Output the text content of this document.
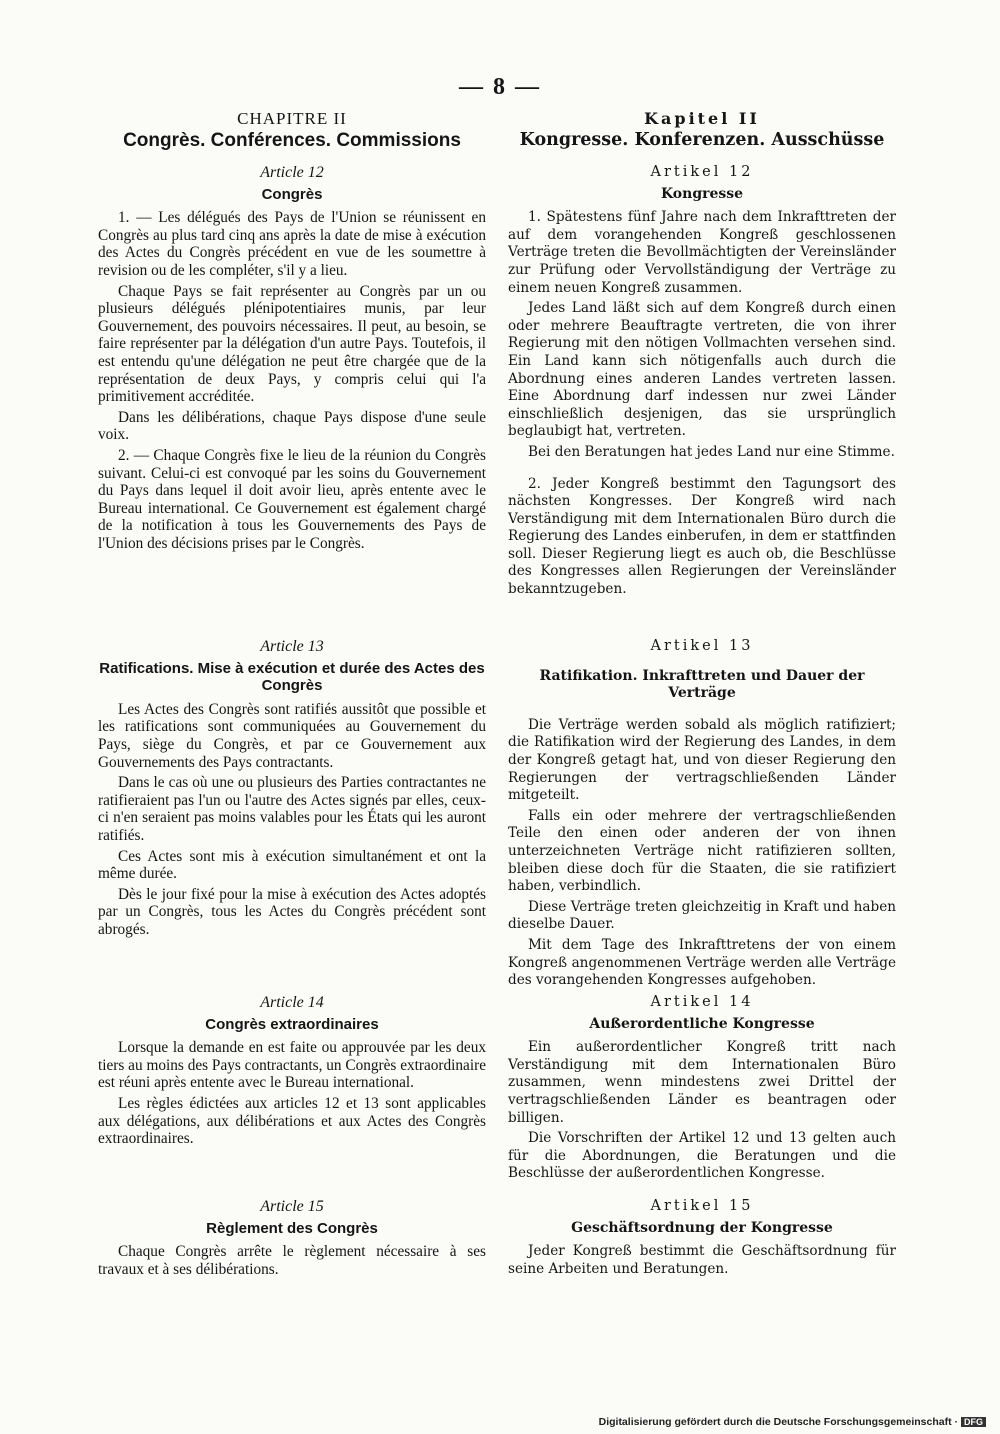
— 8 —
CHAPITRE II
Congrès. Conférences. Commissions
Article 12
Congrès

1. — Les délégués des Pays de l'Union se réunissent en Congrès au plus tard cinq ans après la date de mise à exécution des Actes du Congrès précédent en vue de les soumettre à revision ou de les compléter, s'il y a lieu.

Chaque Pays se fait représenter au Congrès par un ou plusieurs délégués plénipotentiaires munis, par leur Gouvernement, des pouvoirs nécessaires. Il peut, au besoin, se faire représenter par la délégation d'un autre Pays. Toutefois, il est entendu qu'une délégation ne peut être chargée que de la représentation de deux Pays, y compris celui qui l'a primitivement accréditée.

Dans les délibérations, chaque Pays dispose d'une seule voix.

2. — Chaque Congrès fixe le lieu de la réunion du Congrès suivant. Celui-ci est convoqué par les soins du Gouvernement du Pays dans lequel il doit avoir lieu, après entente avec le Bureau international. Ce Gouvernement est également chargé de la notification à tous les Gouvernements des Pays de l'Union des décisions prises par le Congrès.

Article 13
Ratifications. Mise à exécution et durée des Actes des Congrès

Les Actes des Congrès sont ratifiés aussitôt que possible et les ratifications sont communiquées au Gouvernement du Pays, siège du Congrès, et par ce Gouvernement aux Gouvernements des Pays contractants.

Dans le cas où une ou plusieurs des Parties contractantes ne ratifieraient pas l'un ou l'autre des Actes signés par elles, ceux-ci n'en seraient pas moins valables pour les États qui les auront ratifiés.

Ces Actes sont mis à exécution simultanément et ont la même durée.

Dès le jour fixé pour la mise à exécution des Actes adoptés par un Congrès, tous les Actes du Congrès précédent sont abrogés.

Article 14
Congrès extraordinaires

Lorsque la demande en est faite ou approuvée par les deux tiers au moins des Pays contractants, un Congrès extraordinaire est réuni après entente avec le Bureau international.

Les règles édictées aux articles 12 et 13 sont applicables aux délégations, aux délibérations et aux Actes des Congrès extraordinaires.

Article 15
Règlement des Congrès

Chaque Congrès arrête le règlement nécessaire à ses travaux et à ses délibérations.

Kapitel II
Kongresse. Konferenzen. Ausschüsse
Artikel 12
Kongresse

1. Spätestens fünf Jahre nach dem Inkrafttreten der auf dem vorangehenden Kongreß geschlossenen Verträge treten die Bevollmächtigten der Vereinsländer zur Prüfung oder Vervollständigung der Verträge zu einem neuen Kongreß zusammen.

Jedes Land läßt sich auf dem Kongreß durch einen oder mehrere Beauftragte vertreten, die von ihrer Regierung mit den nötigen Vollmachten versehen sind. Ein Land kann sich nötigenfalls auch durch die Abordnung eines anderen Landes vertreten lassen. Eine Abordnung darf indessen nur zwei Länder einschließlich desjenigen, das sie ursprünglich beglaubigt hat, vertreten.

Bei den Beratungen hat jedes Land nur eine Stimme.

2. Jeder Kongreß bestimmt den Tagungsort des nächsten Kongresses. Der Kongreß wird nach Verständigung mit dem Internationalen Büro durch die Regierung des Landes einberufen, in dem er stattfinden soll. Dieser Regierung liegt es auch ob, die Beschlüsse des Kongresses allen Regierungen der Vereinsländer bekanntzugeben.

Artikel 13
Ratifikation. Inkrafttreten und Dauer der Verträge

Die Verträge werden sobald als möglich ratifiziert; die Ratifikation wird der Regierung des Landes, in dem der Kongreß getagt hat, und von dieser Regierung den Regierungen der vertragschließenden Länder mitgeteilt.

Falls ein oder mehrere der vertragschließenden Teile den einen oder anderen der von ihnen unterzeichneten Verträge nicht ratifizieren sollten, bleiben diese doch für die Staaten, die sie ratifiziert haben, verbindlich.

Diese Verträge treten gleichzeitig in Kraft und haben dieselbe Dauer.

Mit dem Tage des Inkrafttretens der von einem Kongreß angenommenen Verträge werden alle Verträge des vorangehenden Kongresses aufgehoben.

Artikel 14
Außerordentliche Kongresse

Ein außerordentlicher Kongreß tritt nach Verständigung mit dem Internationalen Büro zusammen, wenn mindestens zwei Drittel der vertragschließenden Länder es beantragen oder billigen.

Die Vorschriften der Artikel 12 und 13 gelten auch für die Abordnungen, die Beratungen und die Beschlüsse der außerordentlichen Kongresse.

Artikel 15
Geschäftsordnung der Kongresse

Jeder Kongreß bestimmt die Geschäftsordnung für seine Arbeiten und Beratungen.

Digitalisierung gefördert durch die Deutsche Forschungsgemeinschaft · DFG
